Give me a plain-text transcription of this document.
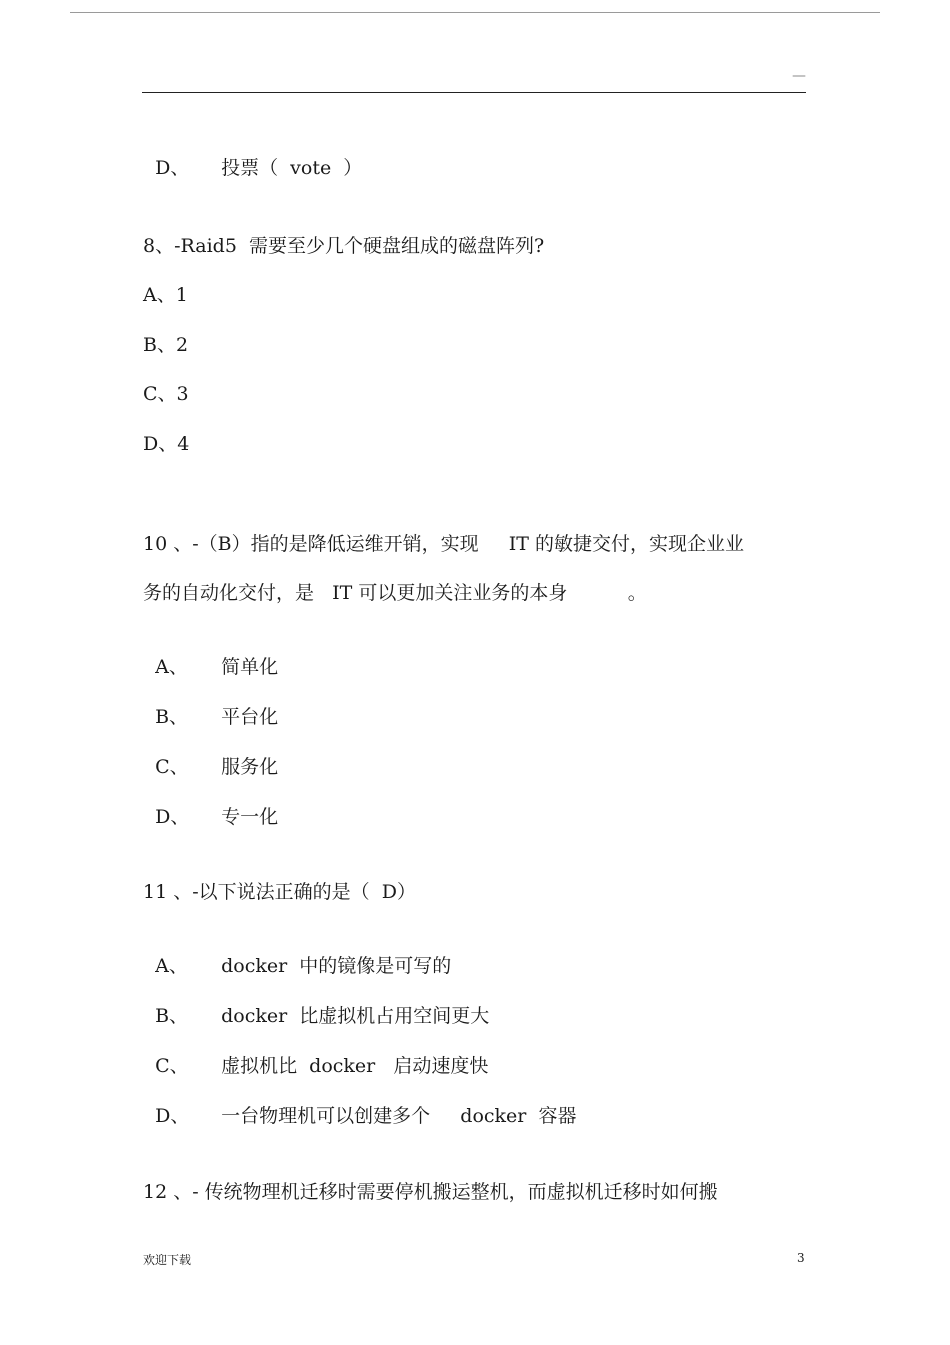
—

D、 投票（  vote  ）

8、-Raid5  需要至少几个硬盘组成的磁盘阵列?
A、1
B、2
C、3
D、4
10 、-（B）指的是降低运维开销，实现     IT 的敏捷交付，实现企业业
务的自动化交付，是   IT 可以更加关注业务的本身          。

A、 简单化

B、 平台化

C、 服务化

D、 专一化

11 、-以下说法正确的是（  D）

A、 docker  中的镜像是可写的

B、 docker  比虚拟机占用空间更大

C、 虚拟机比  docker   启动速度快

D、 一台物理机可以创建多个     docker  容器

12 、- 传统物理机迁移时需要停机搬运整机，而虚拟机迁移时如何搬
欢迎下载	3
